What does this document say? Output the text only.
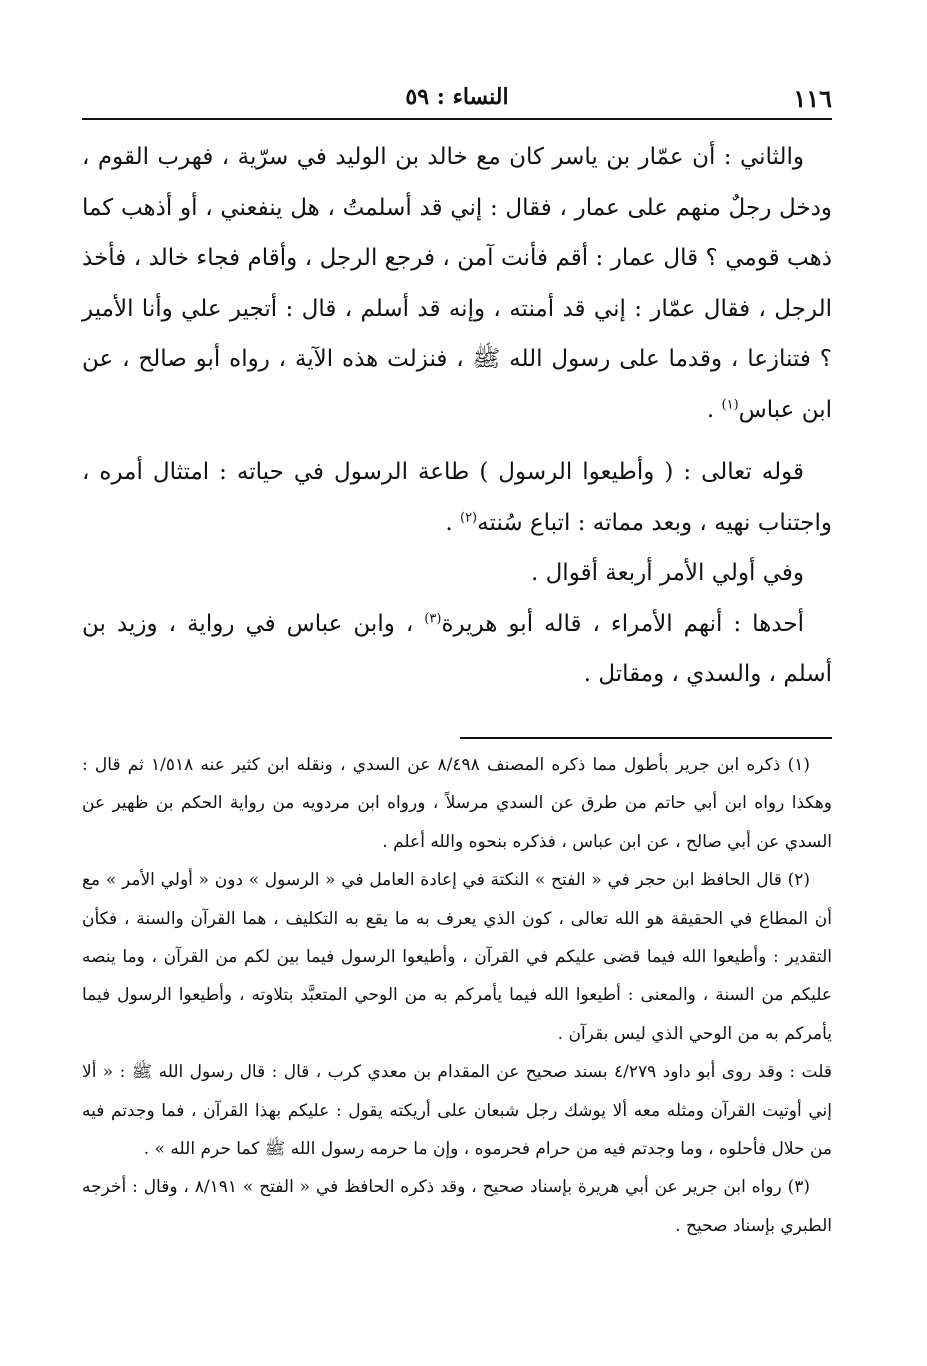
١١٦
النساء : ٥٩

والثاني : أن عمّار بن ياسر كان مع خالد بن الوليد في سرّية ، فهرب القوم ، ودخل رجلٌ منهم على عمار ، فقال : إني قد أسلمتُ ، هل ينفعني ، أو أذهب كما ذهب قومي ؟ قال عمار : أقم فأنت آمن ، فرجع الرجل ، وأقام فجاء خالد ، فأخذ الرجل ، فقال عمّار : إني قد أمنته ، وإنه قد أسلم ، قال : أتجير علي وأنا الأمير ؟ فتنازعا ، وقدما على رسول الله ﷺ ، فنزلت هذه الآية ، رواه أبو صالح ، عن ابن عباس$^{(١)}$ .

قوله تعالى : ( وأطيعوا الرسول ) طاعة الرسول في حياته : امتثال أمره ، واجتناب نهيه ، وبعد مماته : اتباع سُنته$^{(٢)}$ .

وفي أولي الأمر أربعة أقوال .

أحدها : أنهم الأمراء ، قاله أبو هريرة$^{(٣)}$ ، وابن عباس في رواية ، وزيد بن أسلم ، والسدي ، ومقاتل .

(١) ذكره ابن جرير بأطول مما ذكره المصنف ٨/٤٩٨ عن السدي ، ونقله ابن كثير عنه ١/٥١٨ ثم قال : وهكذا رواه ابن أبي حاتم من طرق عن السدي مرسلاً ، ورواه ابن مردويه من رواية الحكم بن ظهير عن السدي عن أبي صالح ، عن ابن عباس ، فذكره بنحوه والله أعلم .

(٢) قال الحافظ ابن حجر في « الفتح » النكتة في إعادة العامل في « الرسول » دون « أولي الأمر » مع أن المطاع في الحقيقة هو الله تعالى ، كون الذي يعرف به ما يقع به التكليف ، هما القرآن والسنة ، فكأن التقدير : وأطيعوا الله فيما قضى عليكم في القرآن ، وأطيعوا الرسول فيما بين لكم من القرآن ، وما ينصه عليكم من السنة ، والمعنى : أطيعوا الله فيما يأمركم به من الوحي المتعبَّد بتلاوته ، وأطيعوا الرسول فيما يأمركم به من الوحي الذي ليس بقرآن .

قلت : وقد روى أبو داود ٤/٢٧٩ بسند صحيح عن المقدام بن معدي كرب ، قال : قال رسول الله ﷺ : « ألا إني أوتيت القرآن ومثله معه ألا يوشك رجل شبعان على أريكته يقول : عليكم بهذا القرآن ، فما وجدتم فيه من حلال فأحلوه ، وما وجدتم فيه من حرام فحرموه ، وإن ما حرمه رسول الله ﷺ كما حرم الله » .

(٣) رواه ابن جرير عن أبي هريرة بإسناد صحيح ، وقد ذكره الحافظ في « الفتح » ٨/١٩١ ، وقال : أخرجه الطبري بإسناد صحيح .
